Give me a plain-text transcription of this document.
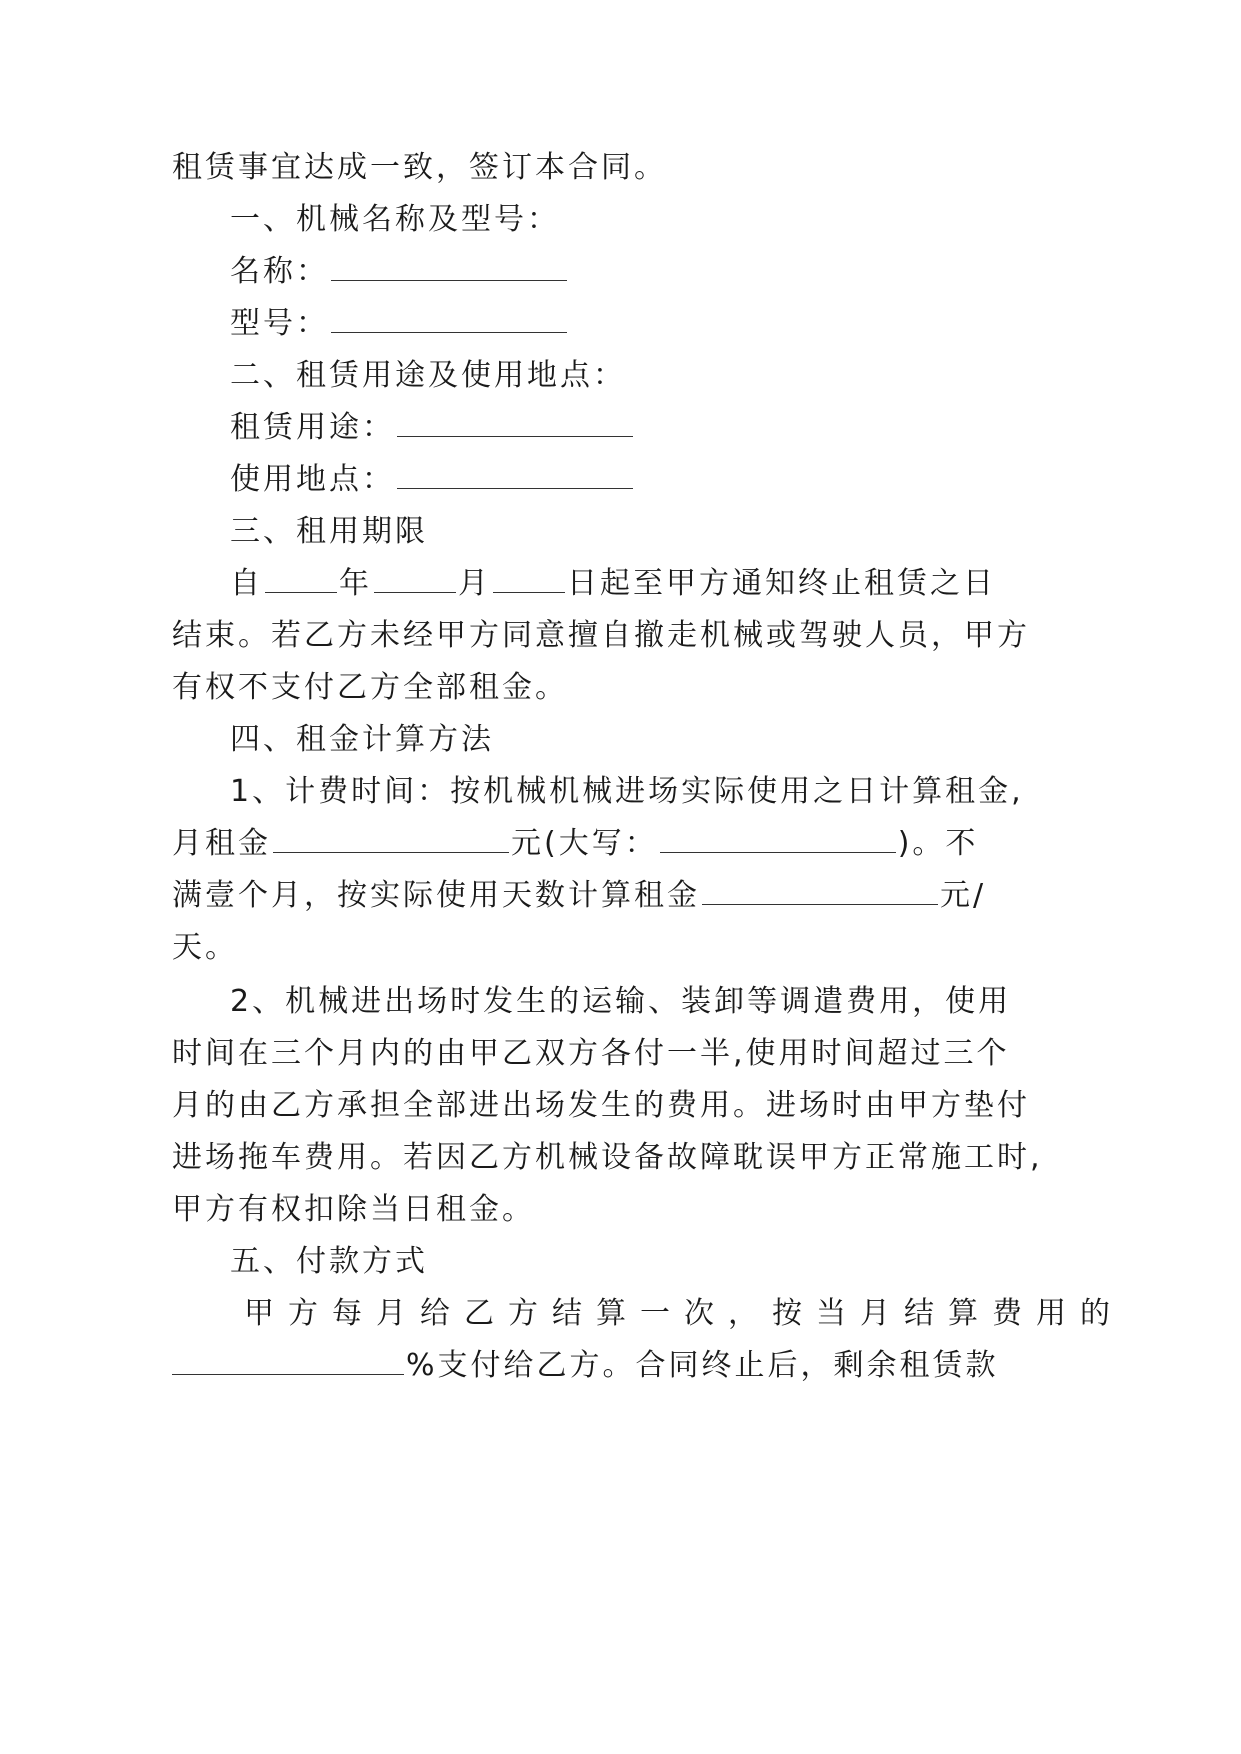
租赁事宜达成一致，签订本合同。
一、机械名称及型号：
名称：
型号：
二、租赁用途及使用地点：
租赁用途：
使用地点：
三、租用期限
自	年	月	日起至甲方通知终止租赁之日
结束。若乙方未经甲方同意擅自撤走机械或驾驶人员，甲方
有权不支付乙方全部租金。
四、租金计算方法
1、计费时间：按机械机械进场实际使用之日计算租金,
月租金	元(大写：	)。不
满壹个月，按实际使用天数计算租金	元/
天。
2、机械进出场时发生的运输、装卸等调遣费用，使用
时间在三个月内的由甲乙双方各付一半,使用时间超过三个
月的由乙方承担全部进出场发生的费用。进场时由甲方垫付
进场拖车费用。若因乙方机械设备故障耽误甲方正常施工时,
甲方有权扣除当日租金。
五、付款方式
甲方每月给乙方结算一次，按当月结算费用的
%支付给乙方。合同终止后，剩余租赁款
